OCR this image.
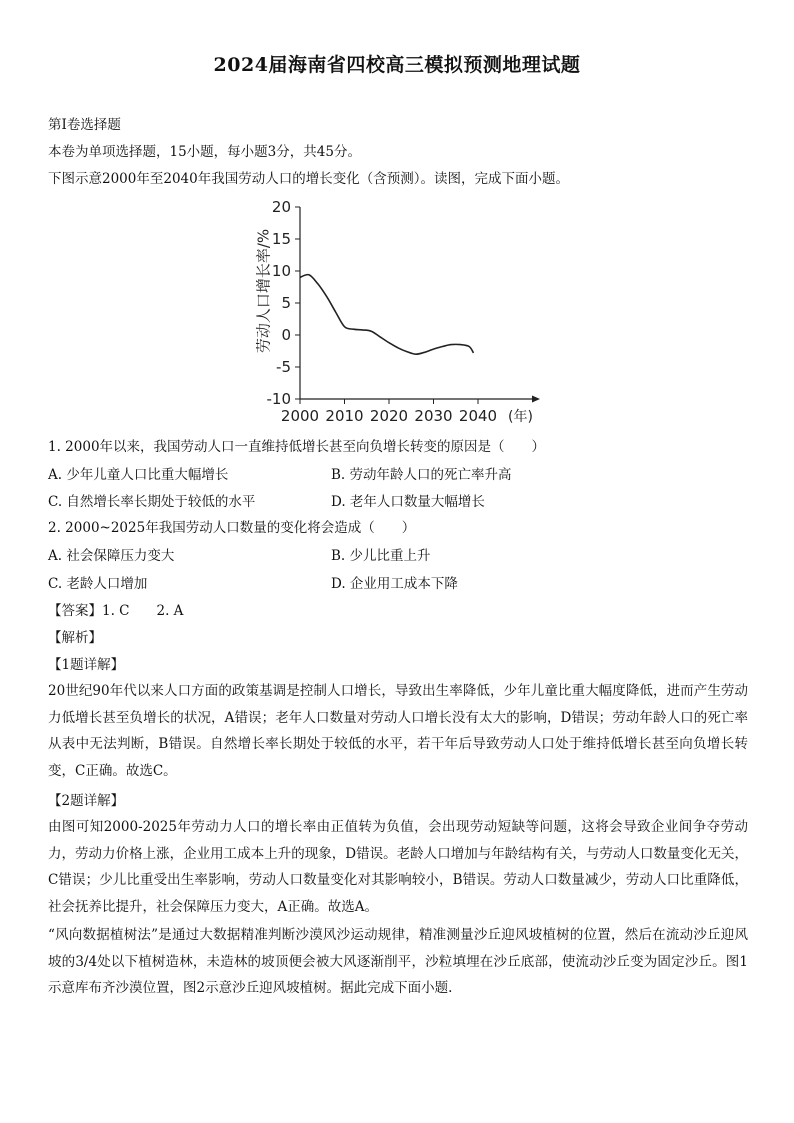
2024届海南省四校高三模拟预测地理试题
第Ⅰ卷选择题
本卷为单项选择题，15小题，每小题3分，共45分。
下图示意2000年至2040年我国劳动人口的增长变化（含预测）。读图，完成下面小题。
20
15
10
5
0
-5
-10
2000 2010 2020 2030 2040
劳动人口增长率/%
(年)
1. 2000年以来，我国劳动人口一直维持低增长甚至向负增长转变的原因是（　　）
A. 少年儿童人口比重大幅增长	B. 劳动年龄人口的死亡率升高
C. 自然增长率长期处于较低的水平	D. 老年人口数量大幅增长
2. 2000~2025年我国劳动人口数量的变化将会造成（　　）
A. 社会保障压力变大	B. 少儿比重上升
C. 老龄人口增加	D. 企业用工成本下降
【答案】1. C　　2. A
【解析】
【1题详解】
20世纪90年代以来人口方面的政策基调是控制人口增长，导致出生率降低，少年儿童比重大幅度降低，进而产生劳动力低增长甚至负增长的状况，A错误；老年人口数量对劳动人口增长没有太大的影响，D错误；劳动年龄人口的死亡率从表中无法判断，B错误。自然增长率长期处于较低的水平，若干年后导致劳动人口处于维持低增长甚至向负增长转变，C正确。故选C。
【2题详解】
由图可知2000-2025年劳动力人口的增长率由正值转为负值，会出现劳动短缺等问题，这将会导致企业间争夺劳动力，劳动力价格上涨，企业用工成本上升的现象，D错误。老龄人口增加与年龄结构有关，与劳动人口数量变化无关，C错误；少儿比重受出生率影响，劳动人口数量变化对其影响较小，B错误。劳动人口数量减少，劳动人口比重降低，社会抚养比提升，社会保障压力变大，A正确。故选A。
“风向数据植树法”是通过大数据精准判断沙漠风沙运动规律，精准测量沙丘迎风坡植树的位置，然后在流动沙丘迎风坡的3/4处以下植树造林，未造林的坡顶便会被大风逐渐削平，沙粒填埋在沙丘底部，使流动沙丘变为固定沙丘。图1示意库布齐沙漠位置，图2示意沙丘迎风坡植树。据此完成下面小题.
